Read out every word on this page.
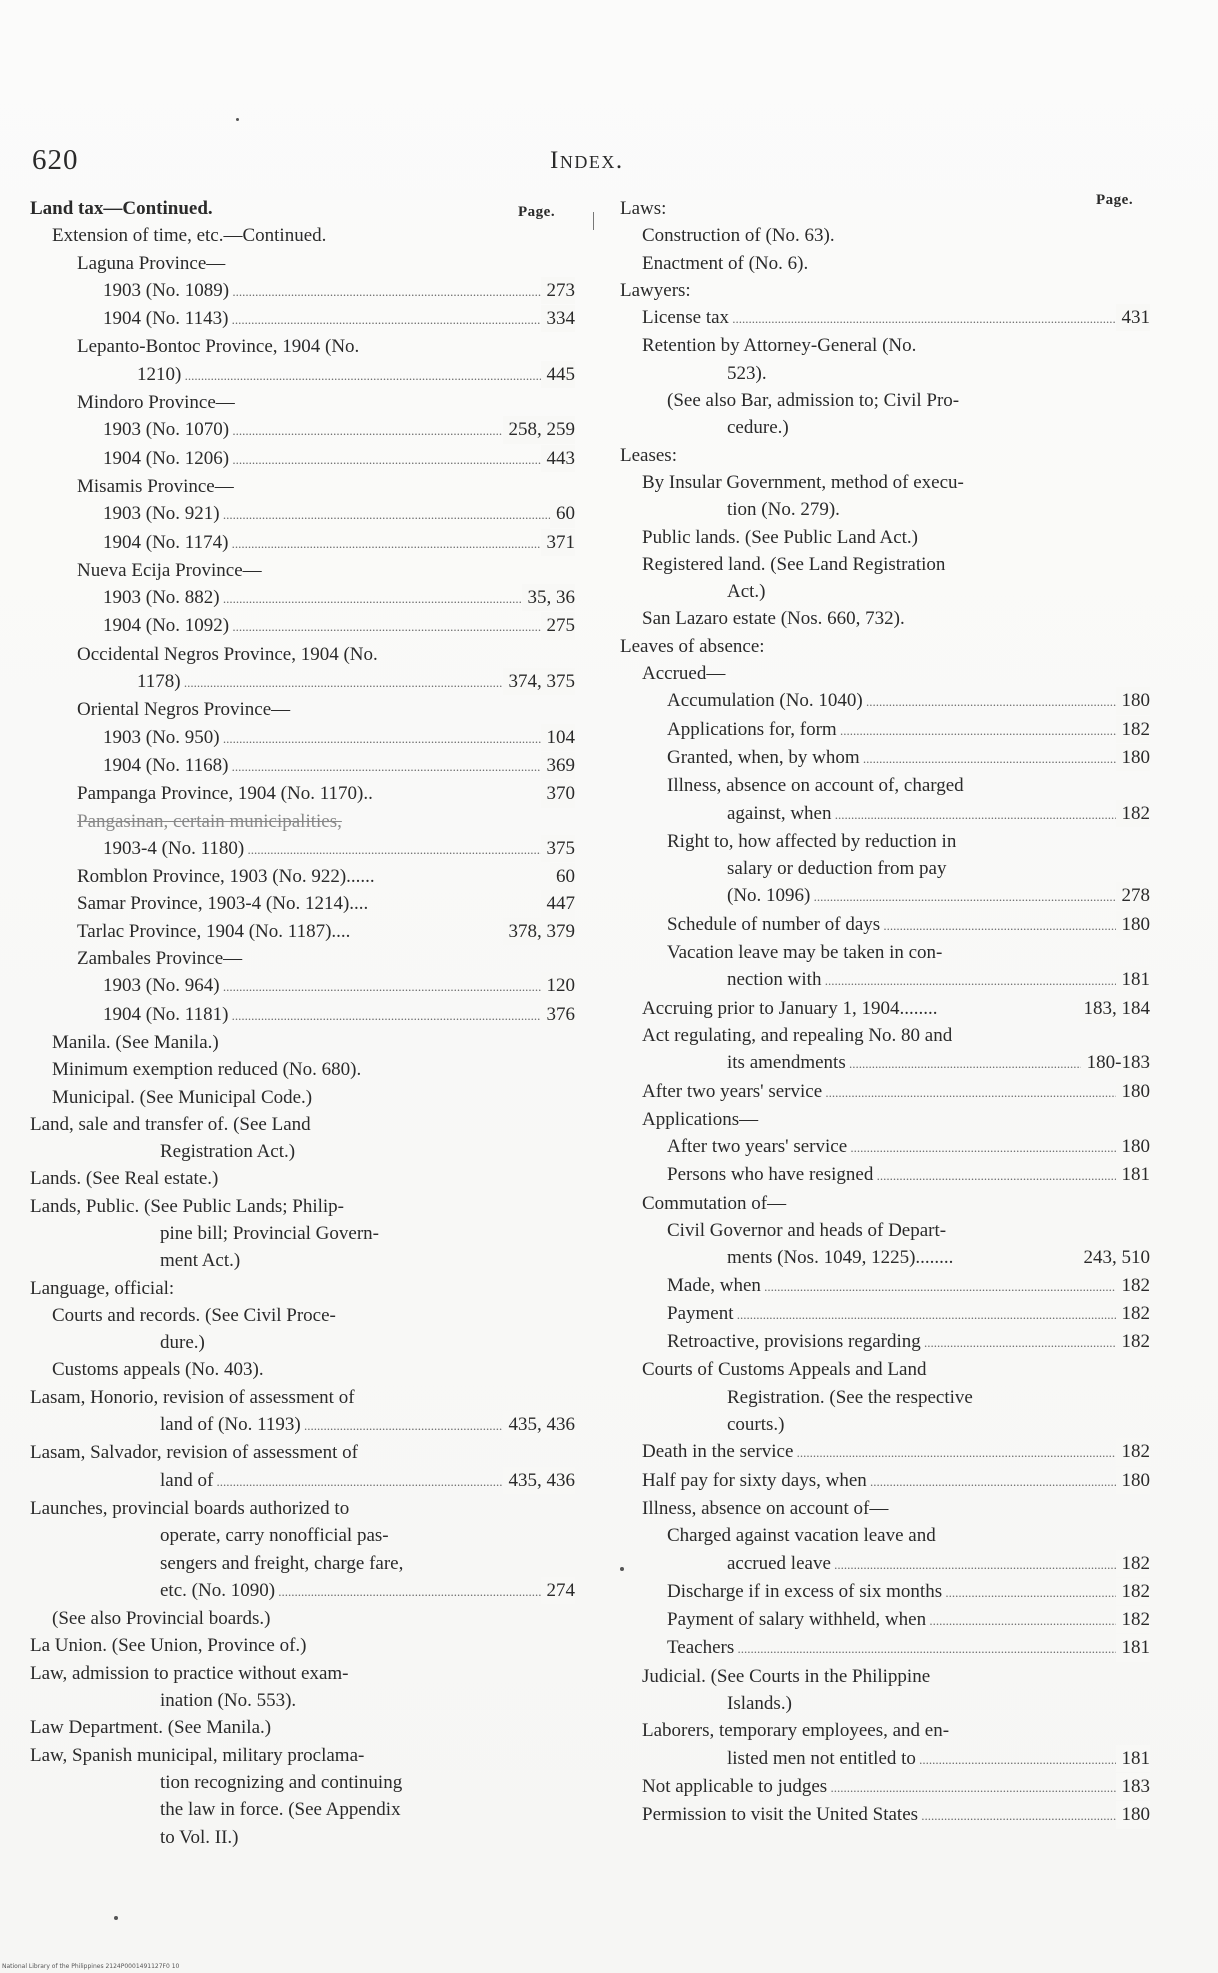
620	Index.
Page.
Page.
Land tax—Continued.
Extension of time, etc.—Continued.
Laguna Province—
1903 (No. 1089) .....	273
1904 (No. 1143) .....	334
Lepanto-Bontoc Province, 1904 (No.
1210) .....	445
Mindoro Province—
1903 (No. 1070) .....	258, 259
1904 (No. 1206) .....	443
Misamis Province—
1903 (No. 921) .....	60
1904 (No. 1174) .....	371
Nueva Ecija Province—
1903 (No. 882) .....	35, 36
1904 (No. 1092) .....	275
Occidental Negros Province, 1904 (No.
1178) .....	374, 375
Oriental Negros Province—
1903 (No. 950) .....	104
1904 (No. 1168) .....	369
Pampanga Province, 1904 (No. 1170)..	370
Pangasinan, certain municipalities,
1903-4 (No. 1180) .....	375
Romblon Province, 1903 (No. 922)......	60
Samar Province, 1903-4 (No. 1214)....	447
Tarlac Province, 1904 (No. 1187)....	378, 379
Zambales Province—
1903 (No. 964) .....	120
1904 (No. 1181) .....	376
Manila. (See Manila.)
Minimum exemption reduced (No. 680).
Municipal. (See Municipal Code.)
Land, sale and transfer of. (See Land
Registration Act.)
Lands. (See Real estate.)
Lands, Public. (See Public Lands; Philip-
pine bill; Provincial Govern-
ment Act.)
Language, official:
Courts and records. (See Civil Proce-
dure.)
Customs appeals (No. 403).
Lasam, Honorio, revision of assessment of
land of (No. 1193) .....	435, 436
Lasam, Salvador, revision of assessment of
land of .....	435, 436
Launches, provincial boards authorized to
operate, carry nonofficial pas-
sengers and freight, charge fare,
etc. (No. 1090) .....	274
(See also Provincial boards.)
La Union. (See Union, Province of.)
Law, admission to practice without exam-
ination (No. 553).
Law Department. (See Manila.)
Law, Spanish municipal, military proclama-
tion recognizing and continuing
the law in force. (See Appendix
to Vol. II.)
Laws:
Construction of (No. 63).
Enactment of (No. 6).
Lawyers:
License tax .....	431
Retention by Attorney-General (No.
523).
(See also Bar, admission to; Civil Pro-
cedure.)
Leases:
By Insular Government, method of execu-
tion (No. 279).
Public lands. (See Public Land Act.)
Registered land. (See Land Registration
Act.)
San Lazaro estate (Nos. 660, 732).
Leaves of absence:
Accrued—
Accumulation (No. 1040) .....	180
Applications for, form .....	182
Granted, when, by whom .....	180
Illness, absence on account of, charged
against, when .....	182
Right to, how affected by reduction in
salary or deduction from pay
(No. 1096) .....	278
Schedule of number of days .....	180
Vacation leave may be taken in con-
nection with .....	181
Accruing prior to January 1, 1904........	183, 184
Act regulating, and repealing No. 80 and
its amendments .....	180-183
After two years' service .....	180
Applications—
After two years' service .....	180
Persons who have resigned .....	181
Commutation of—
Civil Governor and heads of Depart-
ments (Nos. 1049, 1225)........	243, 510
Made, when .....	182
Payment .....	182
Retroactive, provisions regarding .....	182
Courts of Customs Appeals and Land
Registration. (See the respective
courts.)
Death in the service .....	182
Half pay for sixty days, when .....	180
Illness, absence on account of—
Charged against vacation leave and
accrued leave .....	182
Discharge if in excess of six months .....	182
Payment of salary withheld, when .....	182
Teachers .....	181
Judicial. (See Courts in the Philippine
Islands.)
Laborers, temporary employees, and en-
listed men not entitled to .....	181
Not applicable to judges .....	183
Permission to visit the United States .....	180
National Library of the Philippines 2124P0001491127F0 10
